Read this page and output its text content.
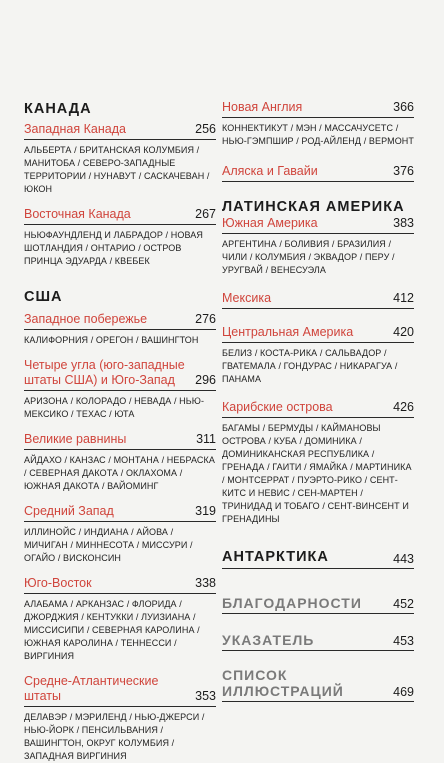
КАНАДА
Западная Канада	256
АЛЬБЕРТА / БРИТАНСКАЯ КОЛУМБИЯ / МАНИТОБА / СЕВЕРО-ЗАПАДНЫЕ ТЕРРИТОРИИ / НУНАВУТ / САСКАЧЕВАН / ЮКОН
Восточная Канада	267
НЬЮФАУНДЛЕНД И ЛАБРАДОР / НОВАЯ ШОТЛАНДИЯ / ОНТАРИО / ОСТРОВ ПРИНЦА ЭДУАРДА / КВЕБЕК
США
Западное побережье	276
КАЛИФОРНИЯ / ОРЕГОН / ВАШИНГТОН
Четыре угла (юго-западные штаты США) и Юго-Запад	296
АРИЗОНА / КОЛОРАДО / НЕВАДА / НЬЮ-МЕКСИКО / ТЕХАС / ЮТА
Великие равнины	311
АЙДАХО / КАНЗАС / МОНТАНА / НЕБРАСКА / СЕВЕРНАЯ ДАКОТА / ОКЛАХОМА / ЮЖНАЯ ДАКОТА / ВАЙОМИНГ
Средний Запад	319
ИЛЛИНОЙС / ИНДИАНА / АЙОВА / МИЧИГАН / МИННЕСОТА / МИССУРИ / ОГАЙО / ВИСКОНСИН
Юго-Восток	338
АЛАБАМА / АРКАНЗАС / ФЛОРИДА / ДЖОРДЖИЯ / КЕНТУККИ / ЛУИЗИАНА / МИССИСИПИ / СЕВЕРНАЯ КАРОЛИНА / ЮЖНАЯ КАРОЛИНА / ТЕННЕССИ / ВИРГИНИЯ
Средне-Атлантические штаты	353
ДЕЛАВЭР / МЭРИЛЕНД / НЬЮ-ДЖЕРСИ / НЬЮ-ЙОРК / ПЕНСИЛЬВАНИЯ / ВАШИНГТОН, ОКРУГ КОЛУМБИЯ / ЗАПАДНАЯ ВИРГИНИЯ
Новая Англия	366
КОННЕКТИКУТ / МЭН / МАССАЧУСЕТС / НЬЮ-ГЭМПШИР / РОД-АЙЛЕНД / ВЕРМОНТ
Аляска и Гавайи	376
ЛАТИНСКАЯ АМЕРИКА
Южная Америка	383
АРГЕНТИНА / БОЛИВИЯ / БРАЗИЛИЯ / ЧИЛИ / КОЛУМБИЯ / ЭКВАДОР / ПЕРУ / УРУГВАЙ / ВЕНЕСУЭЛА
Мексика	412
Центральная Америка	420
БЕЛИЗ / КОСТА-РИКА / САЛЬВАДОР / ГВАТЕМАЛА / ГОНДУРАС / НИКАРАГУА / ПАНАМА
Карибские острова	426
БАГАМЫ / БЕРМУДЫ / КАЙМАНОВЫ ОСТРОВА / КУБА / ДОМИНИКА / ДОМИНИКАНСКАЯ РЕСПУБЛИКА / ГРЕНАДА / ГАИТИ / ЯМАЙКА / МАРТИНИКА / МОНТСЕРРАТ / ПУЭРТО-РИКО / СЕНТ-КИТС И НЕВИС / СЕН-МАРТЕН / ТРИНИДАД И ТОБАГО / СЕНТ-ВИНСЕНТ И ГРЕНАДИНЫ
АНТАРКТИКА	443
БЛАГОДАРНОСТИ	452
УКАЗАТЕЛЬ	453
СПИСОК
ИЛЛЮСТРАЦИЙ	469
